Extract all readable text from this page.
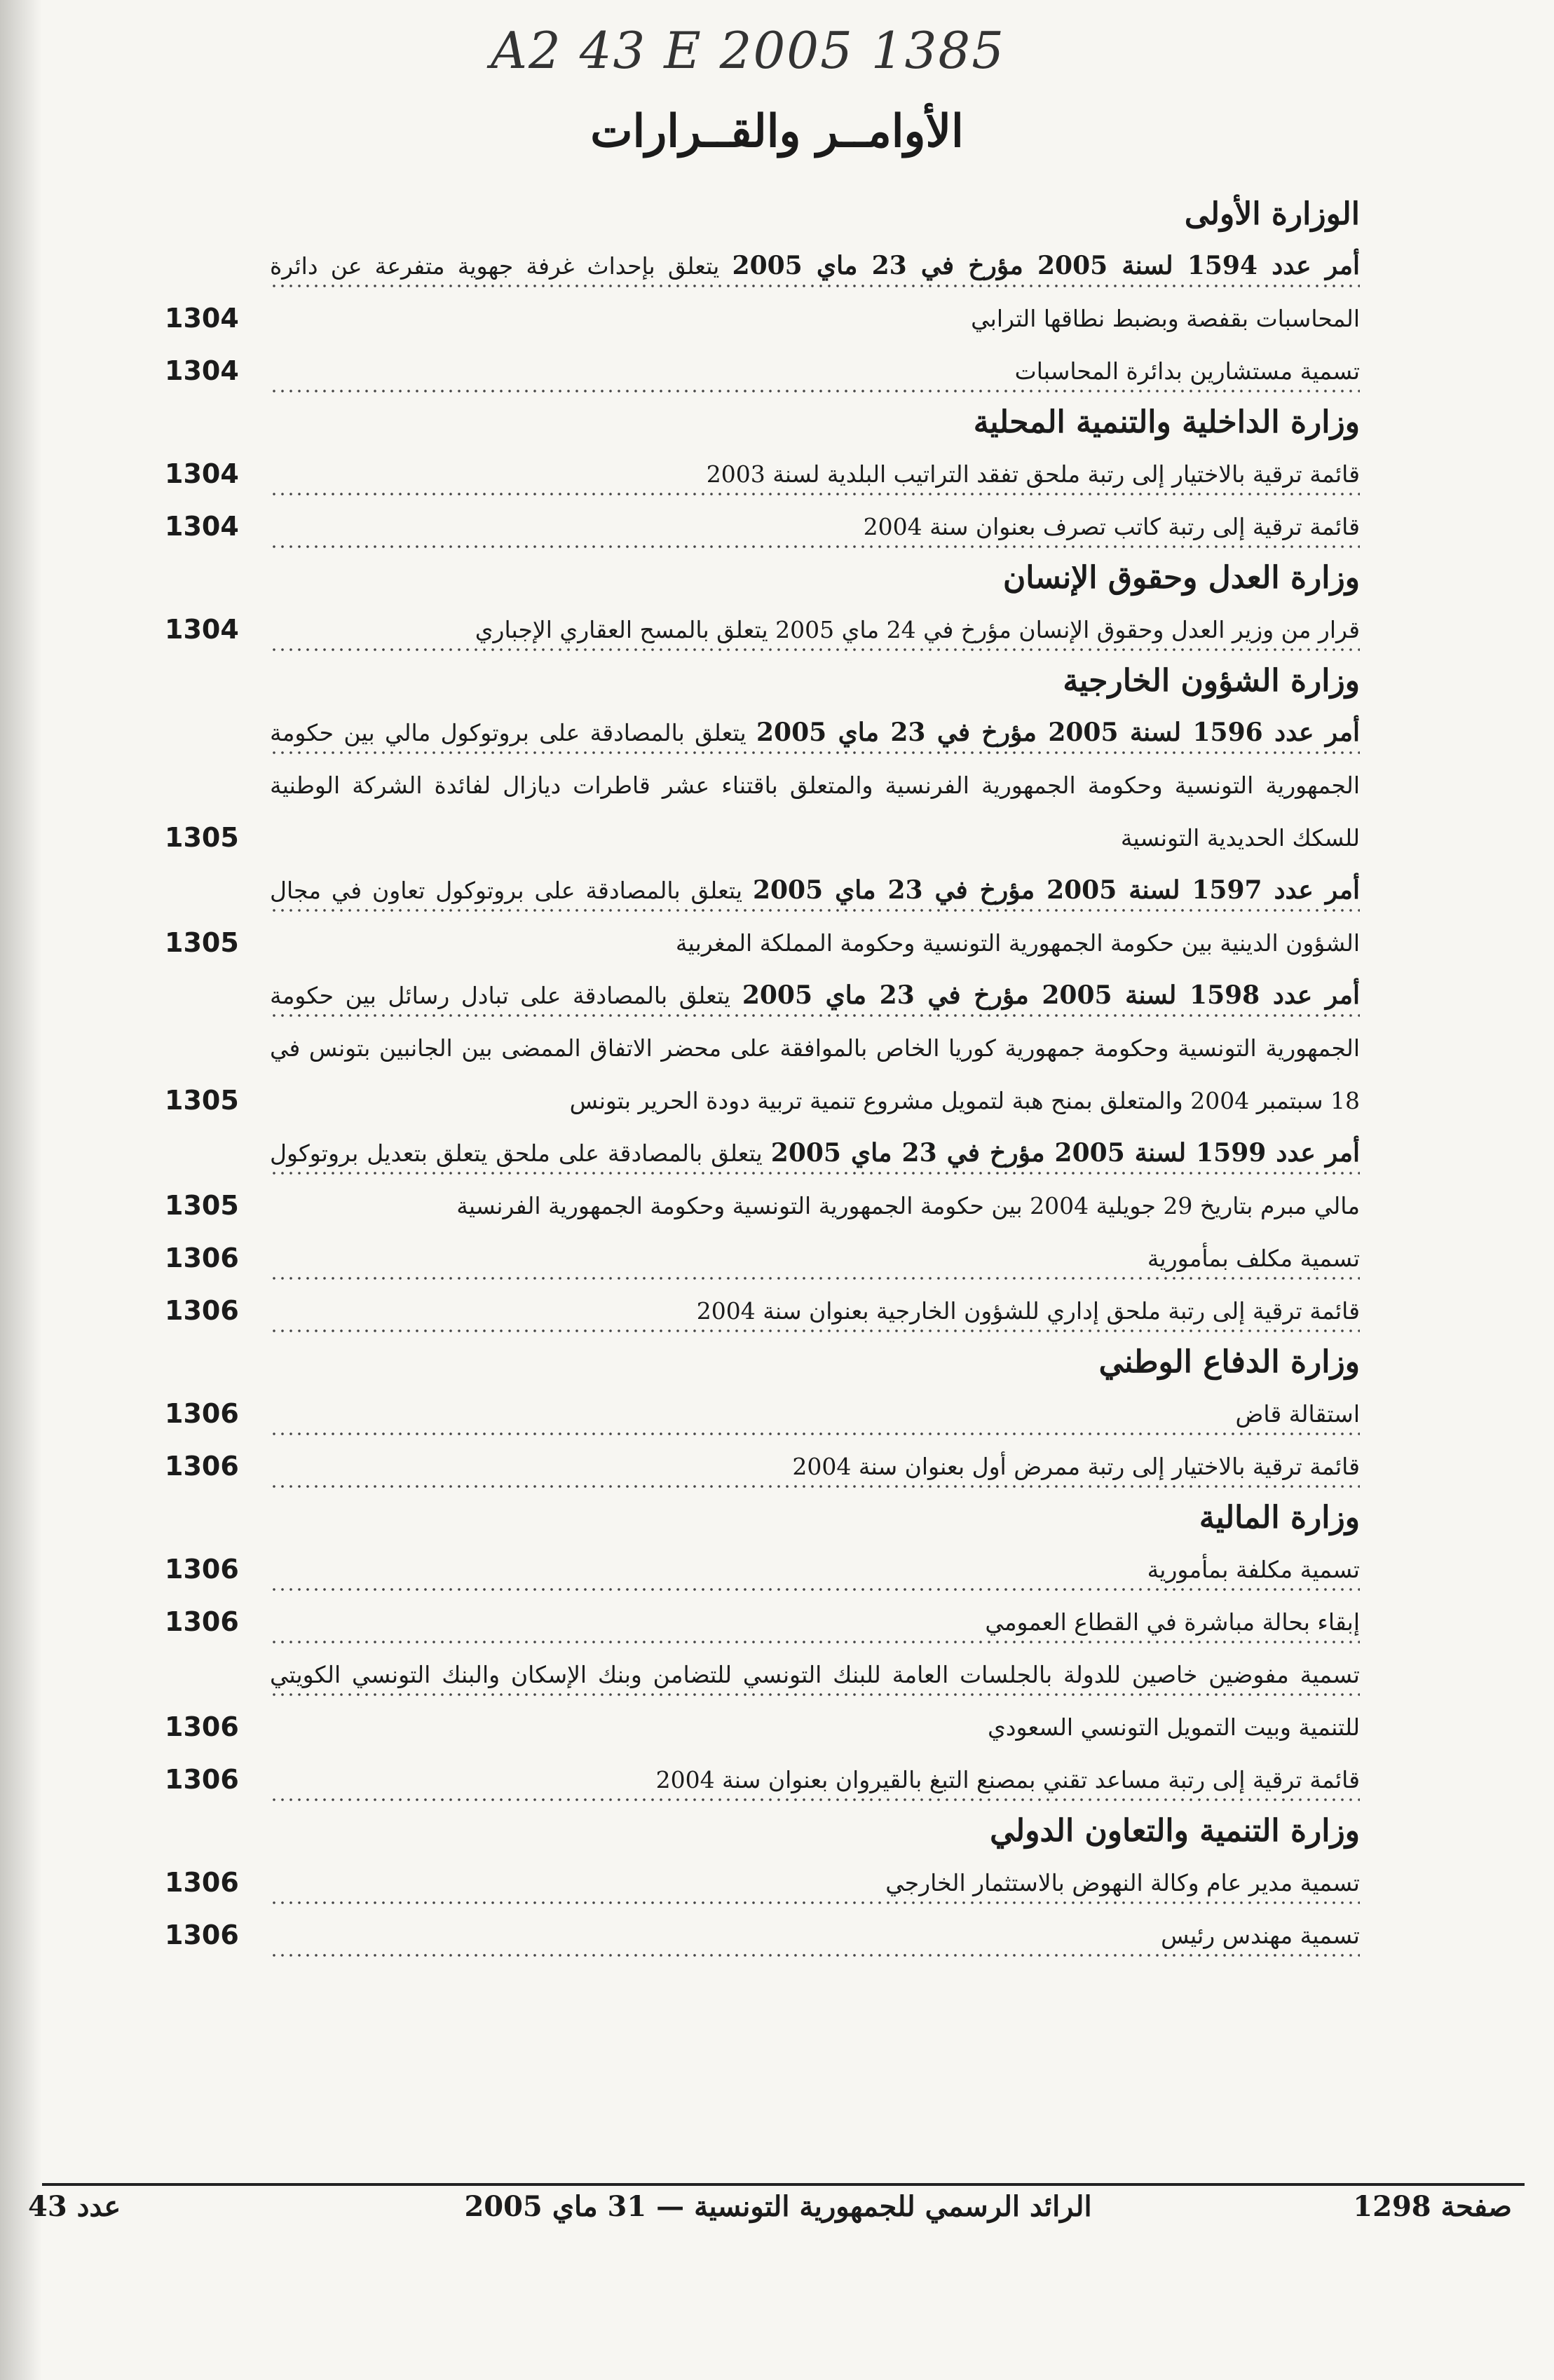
A2 43 E 2005 1385
الأوامــر والقــرارات
الوزارة الأولى
أمر عدد 1594 لسنة 2005 مؤرخ في 23 ماي 2005 يتعلق بإحداث غرفة جهوية متفرعة عن دائرة المحاسبات بقفصة وبضبط نطاقها الترابي
1304
تسمية مستشارين بدائرة المحاسبات
1304
وزارة الداخلية والتنمية المحلية
قائمة ترقية بالاختيار إلى رتبة ملحق تفقد التراتيب البلدية لسنة 2003
1304
قائمة ترقية إلى رتبة كاتب تصرف بعنوان سنة 2004
1304
وزارة العدل وحقوق الإنسان
قرار من وزير العدل وحقوق الإنسان مؤرخ في 24 ماي 2005 يتعلق بالمسح العقاري الإجباري
1304
وزارة الشؤون الخارجية
أمر عدد 1596 لسنة 2005 مؤرخ في 23 ماي 2005 يتعلق بالمصادقة على بروتوكول مالي بين حكومة الجمهورية التونسية وحكومة الجمهورية الفرنسية والمتعلق باقتناء عشر قاطرات ديازال لفائدة الشركة الوطنية للسكك الحديدية التونسية
1305
أمر عدد 1597 لسنة 2005 مؤرخ في 23 ماي 2005 يتعلق بالمصادقة على بروتوكول تعاون في مجال الشؤون الدينية بين حكومة الجمهورية التونسية وحكومة المملكة المغربية
1305
أمر عدد 1598 لسنة 2005 مؤرخ في 23 ماي 2005 يتعلق بالمصادقة على تبادل رسائل بين حكومة الجمهورية التونسية وحكومة جمهورية كوريا الخاص بالموافقة على محضر الاتفاق الممضى بين الجانبين بتونس في 18 سبتمبر 2004 والمتعلق بمنح هبة لتمويل مشروع تنمية تربية دودة الحرير بتونس
1305
أمر عدد 1599 لسنة 2005 مؤرخ في 23 ماي 2005 يتعلق بالمصادقة على ملحق يتعلق بتعديل بروتوكول مالي مبرم بتاريخ 29 جويلية 2004 بين حكومة الجمهورية التونسية وحكومة الجمهورية الفرنسية
1305
تسمية مكلف بمأمورية
1306
قائمة ترقية إلى رتبة ملحق إداري للشؤون الخارجية بعنوان سنة 2004
1306
وزارة الدفاع الوطني
استقالة قاض
1306
قائمة ترقية بالاختيار إلى رتبة ممرض أول بعنوان سنة 2004
1306
وزارة المالية
تسمية مكلفة بمأمورية
1306
إبقاء بحالة مباشرة في القطاع العمومي
1306
تسمية مفوضين خاصين للدولة بالجلسات العامة للبنك التونسي للتضامن وبنك الإسكان والبنك التونسي الكويتي للتنمية وبيت التمويل التونسي السعودي
1306
قائمة ترقية إلى رتبة مساعد تقني بمصنع التبغ بالقيروان بعنوان سنة 2004
1306
وزارة التنمية والتعاون الدولي
تسمية مدير عام وكالة النهوض بالاستثمار الخارجي
1306
تسمية مهندس رئيس
1306
صفحة 1298
الرائد الرسمي للجمهورية التونسية — 31 ماي 2005
عدد 43
